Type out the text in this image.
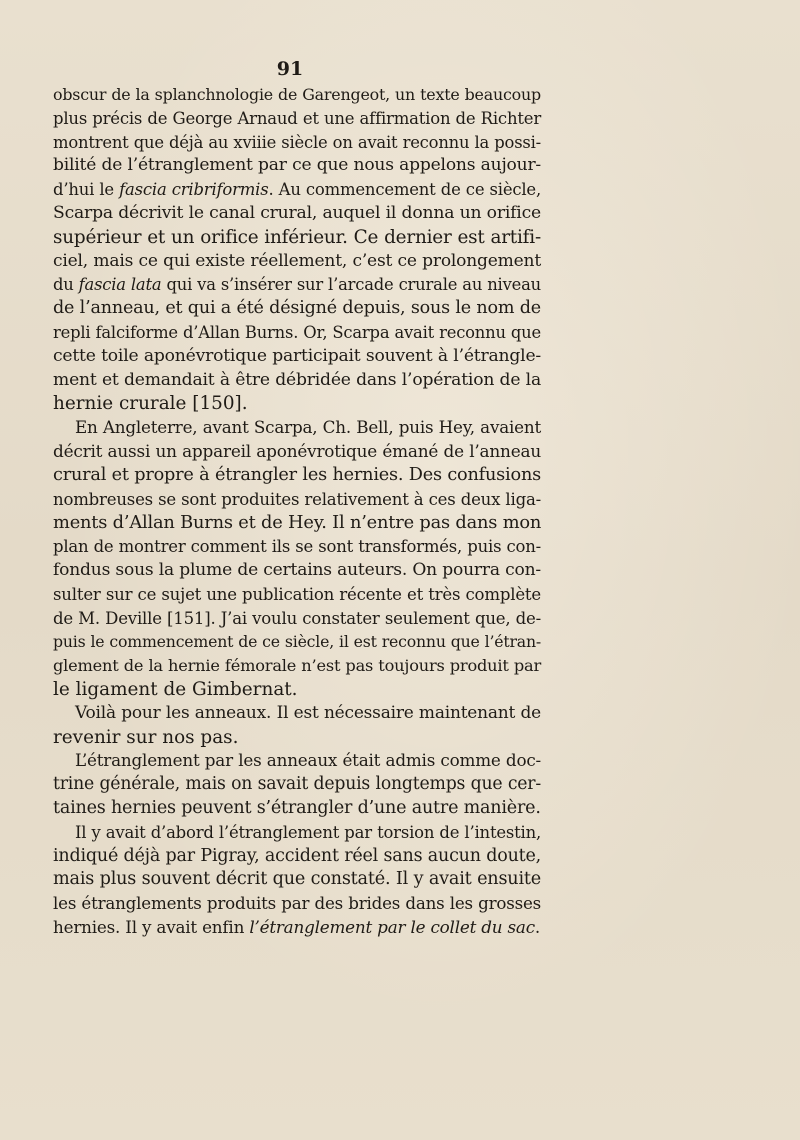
91
obscur de la splanchnologie de Garengeot, un texte beaucoup
plus précis de George Arnaud et une affirmation de Richter
montrent que déjà au xviiie siècle on avait reconnu la possi-
bilité de l’étranglement par ce que nous appelons aujour-
d’hui le fascia cribriformis. Au commencement de ce siècle,
Scarpa décrivit le canal crural, auquel il donna un orifice
supérieur et un orifice inférieur. Ce dernier est artifi-
ciel, mais ce qui existe réellement, c’est ce prolongement
du fascia lata qui va s’insérer sur l’arcade crurale au niveau
de l’anneau, et qui a été désigné depuis, sous le nom de
repli falciforme d’Allan Burns. Or, Scarpa avait reconnu que
cette toile aponévrotique participait souvent à l’étrangle-
ment et demandait à être débridée dans l’opération de la
hernie crurale [150].
En Angleterre, avant Scarpa, Ch. Bell, puis Hey, avaient
décrit aussi un appareil aponévrotique émané de l’anneau
crural et propre à étrangler les hernies. Des confusions
nombreuses se sont produites relativement à ces deux liga-
ments d’Allan Burns et de Hey. Il n’entre pas dans mon
plan de montrer comment ils se sont transformés, puis con-
fondus sous la plume de certains auteurs. On pourra con-
sulter sur ce sujet une publication récente et très complète
de M. Deville [151]. J’ai voulu constater seulement que, de-
puis le commencement de ce siècle, il est reconnu que l’étran-
glement de la hernie fémorale n’est pas toujours produit par
le ligament de Gimbernat.
Voilà pour les anneaux. Il est nécessaire maintenant de
revenir sur nos pas.
L’étranglement par les anneaux était admis comme doc-
trine générale, mais on savait depuis longtemps que cer-
taines hernies peuvent s’étrangler d’une autre manière.
Il y avait d’abord l’étranglement par torsion de l’intestin,
indiqué déjà par Pigray, accident réel sans aucun doute,
mais plus souvent décrit que constaté. Il y avait ensuite
les étranglements produits par des brides dans les grosses
hernies. Il y avait enfin l’étranglement par le collet du sac.
